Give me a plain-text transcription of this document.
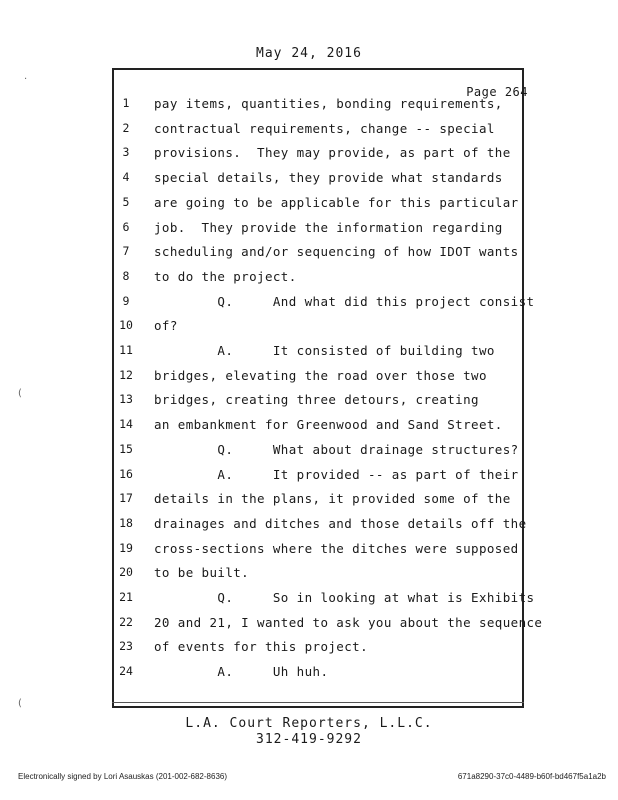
May 24, 2016
Page 264
1	pay items, quantities, bonding requirements,
2	contractual requirements, change -- special
3	provisions.  They may provide, as part of the
4	special details, they provide what standards
5	are going to be applicable for this particular
6	job.  They provide the information regarding
7	scheduling and/or sequencing of how IDOT wants
8	to do the project.
9	Q.     And what did this project consist
10	of?
11	A.     It consisted of building two
12	bridges, elevating the road over those two
13	bridges, creating three detours, creating
14	an embankment for Greenwood and Sand Street.
15	Q.     What about drainage structures?
16	A.     It provided -- as part of their
17	details in the plans, it provided some of the
18	drainages and ditches and those details off the
19	cross-sections where the ditches were supposed
20	to be built.
21	Q.     So in looking at what is Exhibits
22	20 and 21, I wanted to ask you about the sequence
23	of events for this project.
24	A.     Uh huh.
L.A. Court Reporters, L.L.C.
312-419-9292
Electronically signed by Lori Asauskas (201-002-682-8636)	671a8290-37c0-4489-b60f-bd467f5a1a2b
·
(
(
